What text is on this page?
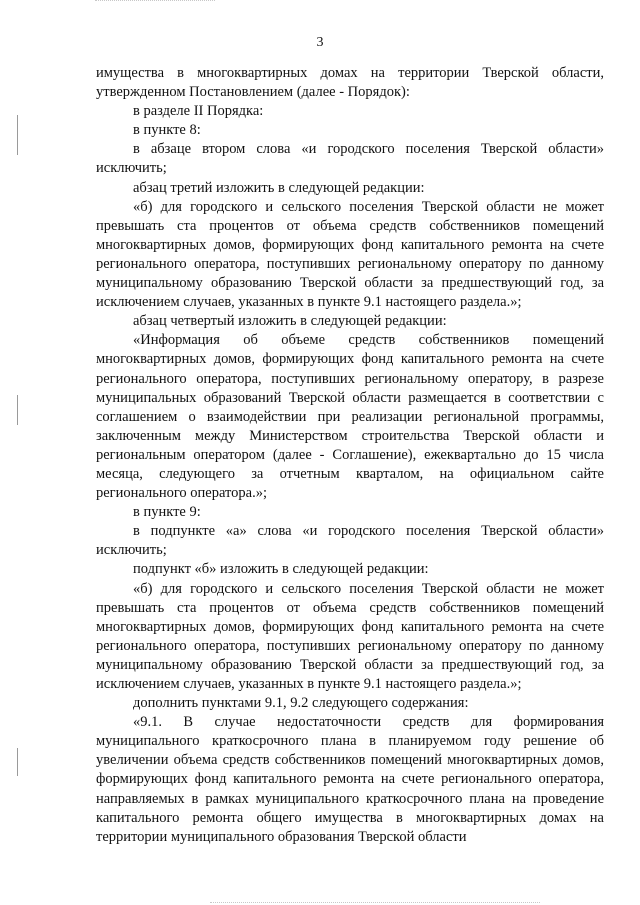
3

имущества в многоквартирных домах на территории Тверской области, утвержденном Постановлением (далее - Порядок):

в разделе II Порядка:

в пункте 8:

в абзаце втором слова «и городского поселения Тверской области» исключить;

абзац третий изложить в следующей редакции:

«б) для городского и сельского поселения Тверской области не может превышать ста процентов от объема средств собственников помещений многоквартирных домов, формирующих фонд капитального ремонта на счете регионального оператора, поступивших региональному оператору по данному муниципальному образованию Тверской области за предшествующий год, за исключением случаев, указанных в пункте 9.1 настоящего раздела.»;

абзац четвертый изложить в следующей редакции:

«Информация об объеме средств собственников помещений многоквартирных домов, формирующих фонд капитального ремонта на счете регионального оператора, поступивших региональному оператору, в разрезе муниципальных образований Тверской области размещается в соответствии с соглашением о взаимодействии при реализации региональной программы, заключенным между Министерством строительства Тверской области и региональным оператором (далее - Соглашение), ежеквартально до 15 числа месяца, следующего за отчетным кварталом, на официальном сайте регионального оператора.»;

в пункте 9:

в подпункте «а» слова «и городского поселения Тверской области» исключить;

подпункт «б» изложить в следующей редакции:

«б) для городского и сельского поселения Тверской области не может превышать ста процентов от объема средств собственников помещений многоквартирных домов, формирующих фонд капитального ремонта на счете регионального оператора, поступивших региональному оператору по данному муниципальному образованию Тверской области за предшествующий год, за исключением случаев, указанных в пункте 9.1 настоящего раздела.»;

дополнить пунктами 9.1, 9.2 следующего содержания:

«9.1. В случае недостаточности средств для формирования муниципального краткосрочного плана в планируемом году решение об увеличении объема средств собственников помещений многоквартирных домов, формирующих фонд капитального ремонта на счете регионального оператора, направляемых в рамках муниципального краткосрочного плана на проведение капитального ремонта общего имущества в многоквартирных домах на территории муниципального образования Тверской области
